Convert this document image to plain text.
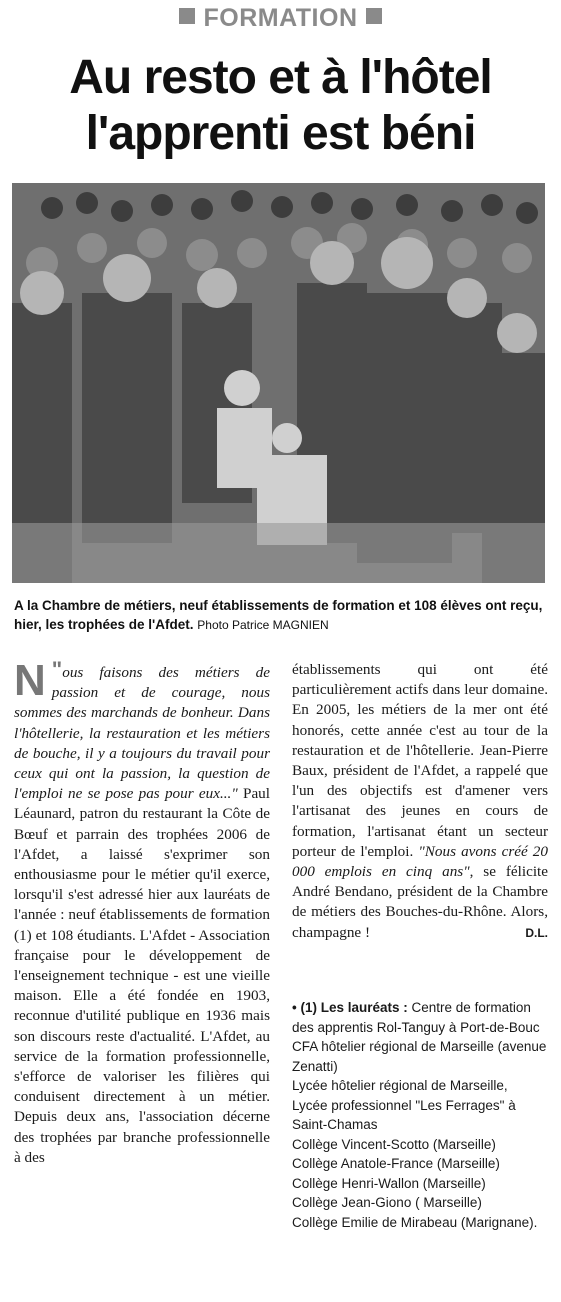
FORMATION
Au resto et à l'hôtel
l'apprenti est béni
A la Chambre de métiers, neuf établissements de formation et 108 élèves ont reçu, hier, les trophées de l'Afdet. Photo Patrice MAGNIEN

"
N ous faisons des métiers de passion et de courage, nous sommes des marchands de bonheur. Dans l'hôtellerie, la restauration et les métiers de bouche, il y a toujours du travail pour ceux qui ont la passion, la question de l'emploi ne se pose pas pour eux..." Paul Léaunard, patron du restaurant la Côte de Bœuf et parrain des trophées 2006 de l'Afdet, a laissé s'exprimer son enthousiasme pour le métier qu'il exerce, lorsqu'il s'est adressé hier aux lauréats de l'année : neuf établissements de formation (1) et 108 étudiants. L'Afdet - Association française pour le développement de l'enseignement technique - est une vieille maison. Elle a été fondée en 1903, reconnue d'utilité publique en 1936 mais son discours reste d'actualité. L'Afdet, au service de la formation professionnelle, s'efforce de valoriser les filières qui conduisent directement à un métier. Depuis deux ans, l'association décerne des trophées par branche professionnelle à des

établissements qui ont été particulièrement actifs dans leur domaine. En 2005, les métiers de la mer ont été honorés, cette année c'est au tour de la restauration et de l'hôtellerie. Jean-Pierre Baux, président de l'Afdet, a rappelé que l'un des objectifs est d'amener vers l'artisanat des jeunes en cours de formation, l'artisanat étant un secteur porteur de l'emploi. "Nous avons créé 20 000 emplois en cinq ans", se félicite André Bendano, président de la Chambre de métiers des Bouches-du-Rhône. Alors, champagne !	D.L.

• (1) Les lauréats : Centre de formation des apprentis Rol-Tanguy à Port-de-Bouc
CFA hôtelier régional de Marseille (avenue Zenatti)
Lycée hôtelier régional de Marseille,
Lycée professionnel "Les Ferrages" à Saint-Chamas
Collège Vincent-Scotto (Marseille)
Collège Anatole-France (Marseille)
Collège Henri-Wallon (Marseille)
Collège Jean-Giono ( Marseille)
Collège Emilie de Mirabeau (Marignane).
